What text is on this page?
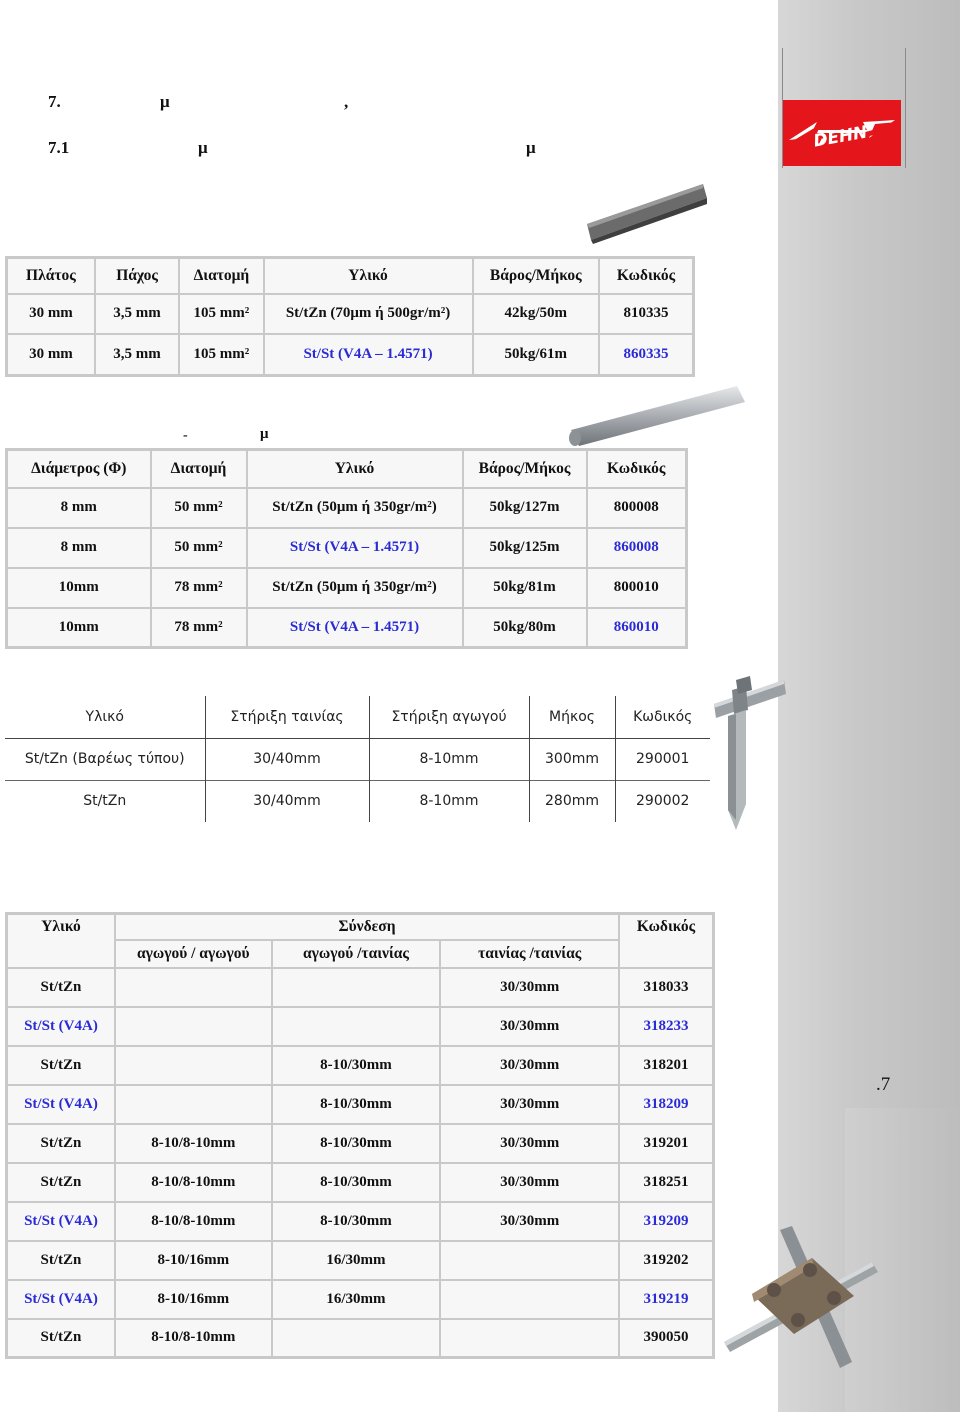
DEHN
.7
7.	μ	,
7.1	μ	μ
Πλάτος	Πάχος	Διατομή	Υλικό	Βάρος/Μήκος	Κωδικός
30 mm	3,5 mm	105 mm²	St/tZn (70μm ή 500gr/m²)	42kg/50m	810335
30 mm	3,5 mm	105 mm²	St/St (V4A – 1.4571)	50kg/61m	860335
-	μ
Διάμετρος (Φ)	Διατομή	Υλικό	Βάρος/Μήκος	Κωδικός
8 mm	50 mm²	St/tZn (50μm ή 350gr/m²)	50kg/127m	800008
8 mm	50 mm²	St/St (V4A – 1.4571)	50kg/125m	860008
10mm	78 mm²	St/tZn (50μm ή 350gr/m²)	50kg/81m	800010
10mm	78 mm²	St/St (V4A – 1.4571)	50kg/80m	860010
Υλικό	Στήριξη ταινίας	Στήριξη αγωγού	Μήκος	Κωδικός
St/tZn (Βαρέως τύπου)	30/40mm	8-10mm	300mm	290001
St/tZn	30/40mm	8-10mm	280mm	290002
Υλικό	Σύνδεση			Κωδικός
	αγωγού / αγωγού	αγωγού /ταινίας	ταινίας /ταινίας	
St/tZn			30/30mm	318033
St/St (V4A)			30/30mm	318233
St/tZn		8-10/30mm	30/30mm	318201
St/St (V4A)		8-10/30mm	30/30mm	318209
St/tZn	8-10/8-10mm	8-10/30mm	30/30mm	319201
St/tZn	8-10/8-10mm	8-10/30mm	30/30mm	318251
St/St (V4A)	8-10/8-10mm	8-10/30mm	30/30mm	319209
St/tZn	8-10/16mm	16/30mm		319202
St/St (V4A)	8-10/16mm	16/30mm		319219
St/tZn	8-10/8-10mm			390050
